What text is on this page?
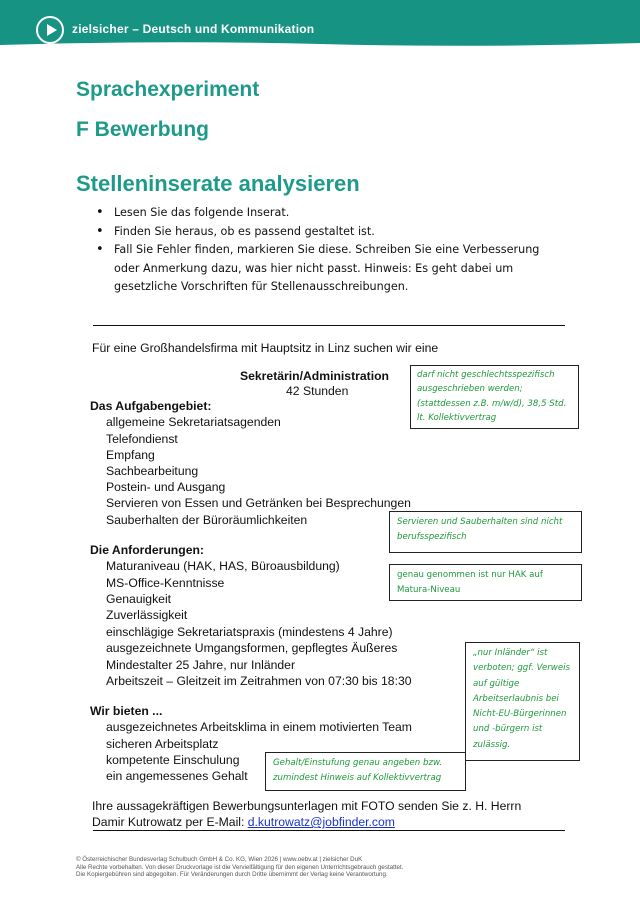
zielsicher – Deutsch und Kommunikation
Sprachexperiment
F Bewerbung
Stelleninserate analysieren
• Lesen Sie das folgende Inserat.
• Finden Sie heraus, ob es passend gestaltet ist.
• Fall Sie Fehler finden, markieren Sie diese. Schreiben Sie eine Verbesserung oder Anmerkung dazu, was hier nicht passt. Hinweis: Es geht dabei um gesetzliche Vorschriften für Stellenausschreibungen.
Für eine Großhandelsfirma mit Hauptsitz in Linz suchen wir eine
Sekretärin/Administration
42 Stunden
Das Aufgabengebiet:
allgemeine Sekretariatsagenden
Telefondienst
Empfang
Sachbearbeitung
Postein- und Ausgang
Servieren von Essen und Getränken bei Besprechungen
Sauberhalten der Büroräumlichkeiten
Die Anforderungen:
Maturaniveau (HAK, HAS, Büroausbildung)
MS-Office-Kenntnisse
Genauigkeit
Zuverlässigkeit
einschlägige Sekretariatspraxis (mindestens 4 Jahre)
ausgezeichnete Umgangsformen, gepflegtes Äußeres
Mindestalter 25 Jahre, nur Inländer
Arbeitszeit – Gleitzeit im Zeitrahmen von 07:30 bis 18:30
Wir bieten ...
ausgezeichnetes Arbeitsklima in einem motivierten Team
sicheren Arbeitsplatz
kompetente Einschulung
ein angemessenes Gehalt
Ihre aussagekräftigen Bewerbungsunterlagen mit FOTO senden Sie z. H. Herrn
Damir Kutrowatz per E-Mail: d.kutrowatz@jobfinder.com
darf nicht geschlechtsspezifisch
ausgeschrieben werden;
(stattdessen z.B. m/w/d), 38,5 Std.
lt. Kollektivvertrag
Servieren und Sauberhalten sind nicht
berufsspezifisch
genau genommen ist nur HAK auf
Matura-Niveau
„nur Inländer“ ist
verboten; ggf. Verweis
auf gültige
Arbeitserlaubnis bei
Nicht-EU-Bürgerinnen
und -bürgern ist
zulässig.
Gehalt/Einstufung genau angeben bzw.
zumindest Hinweis auf Kollektivvertrag
© Österreichischer Bundesverlag Schulbuch GmbH & Co. KG, Wien 2026 | www.oebv.at | zielsicher DuK
Alle Rechte vorbehalten. Von dieser Druckvorlage ist die Vervielfältigung für den eigenen Unterrichtsgebrauch gestattet.
Die Kopiergebühren sind abgegolten. Für Veränderungen durch Dritte übernimmt der Verlag keine Verantwortung.
